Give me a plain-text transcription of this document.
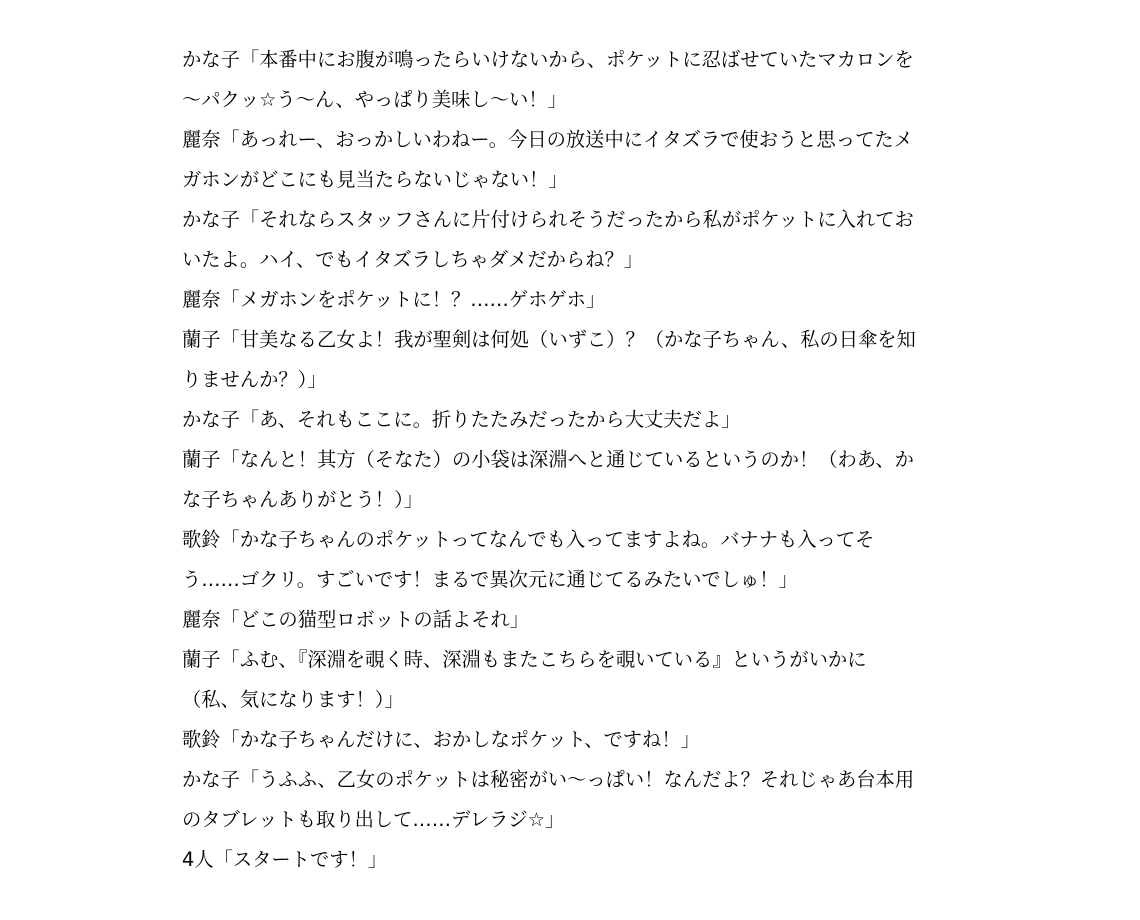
かな子「本番中にお腹が鳴ったらいけないから、ポケットに忍ばせていたマカロンを
～パクッ☆う～ん、やっぱり美味し～い！」
麗奈「あっれー、おっかしいわねー。今日の放送中にイタズラで使おうと思ってたメ
ガホンがどこにも見当たらないじゃない！」
かな子「それならスタッフさんに片付けられそうだったから私がポケットに入れてお
いたよ。ハイ、でもイタズラしちゃダメだからね？」
麗奈「メガホンをポケットに！？……ゲホゲホ」
蘭子「甘美なる乙女よ！我が聖剣は何処（いずこ）？（かな子ちゃん、私の日傘を知
りませんか？）」
かな子「あ、それもここに。折りたたみだったから大丈夫だよ」
蘭子「なんと！其方（そなた）の小袋は深淵へと通じているというのか！（わあ、か
な子ちゃんありがとう！）」
歌鈴「かな子ちゃんのポケットってなんでも入ってますよね。バナナも入ってそ
う……ゴクリ。すごいです！まるで異次元に通じてるみたいでしゅ！」
麗奈「どこの猫型ロボットの話よそれ」
蘭子「ふむ、『深淵を覗く時、深淵もまたこちらを覗いている』というがいかに
（私、気になります！）」
歌鈴「かな子ちゃんだけに、おかしなポケット、ですね！」
かな子「うふふ、乙女のポケットは秘密がい～っぱい！なんだよ？それじゃあ台本用
のタブレットも取り出して……デレラジ☆」
4人「スタートです！」
